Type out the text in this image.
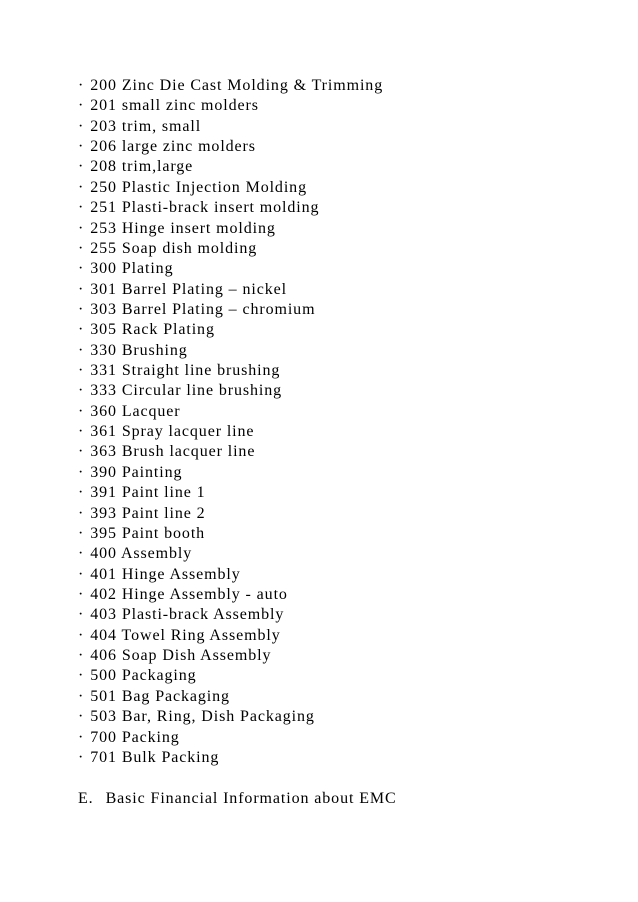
· 200 Zinc Die Cast Molding & Trimming
· 201 small zinc molders
· 203 trim, small
· 206 large zinc molders
· 208 trim,large
· 250 Plastic Injection Molding
· 251 Plasti-brack insert molding
· 253 Hinge insert molding
· 255 Soap dish molding
· 300 Plating
· 301 Barrel Plating – nickel
· 303 Barrel Plating – chromium
· 305 Rack Plating
· 330 Brushing
· 331 Straight line brushing
· 333 Circular line brushing
· 360 Lacquer
· 361 Spray lacquer line
· 363 Brush lacquer line
· 390 Painting
· 391 Paint line 1
· 393 Paint line 2
· 395 Paint booth
· 400 Assembly
· 401 Hinge Assembly
· 402 Hinge Assembly - auto
· 403 Plasti-brack Assembly
· 404 Towel Ring Assembly
· 406 Soap Dish Assembly
· 500 Packaging
· 501 Bag Packaging
· 503 Bar, Ring, Dish Packaging
· 700 Packing
· 701 Bulk Packing
E. Basic Financial Information about EMC
